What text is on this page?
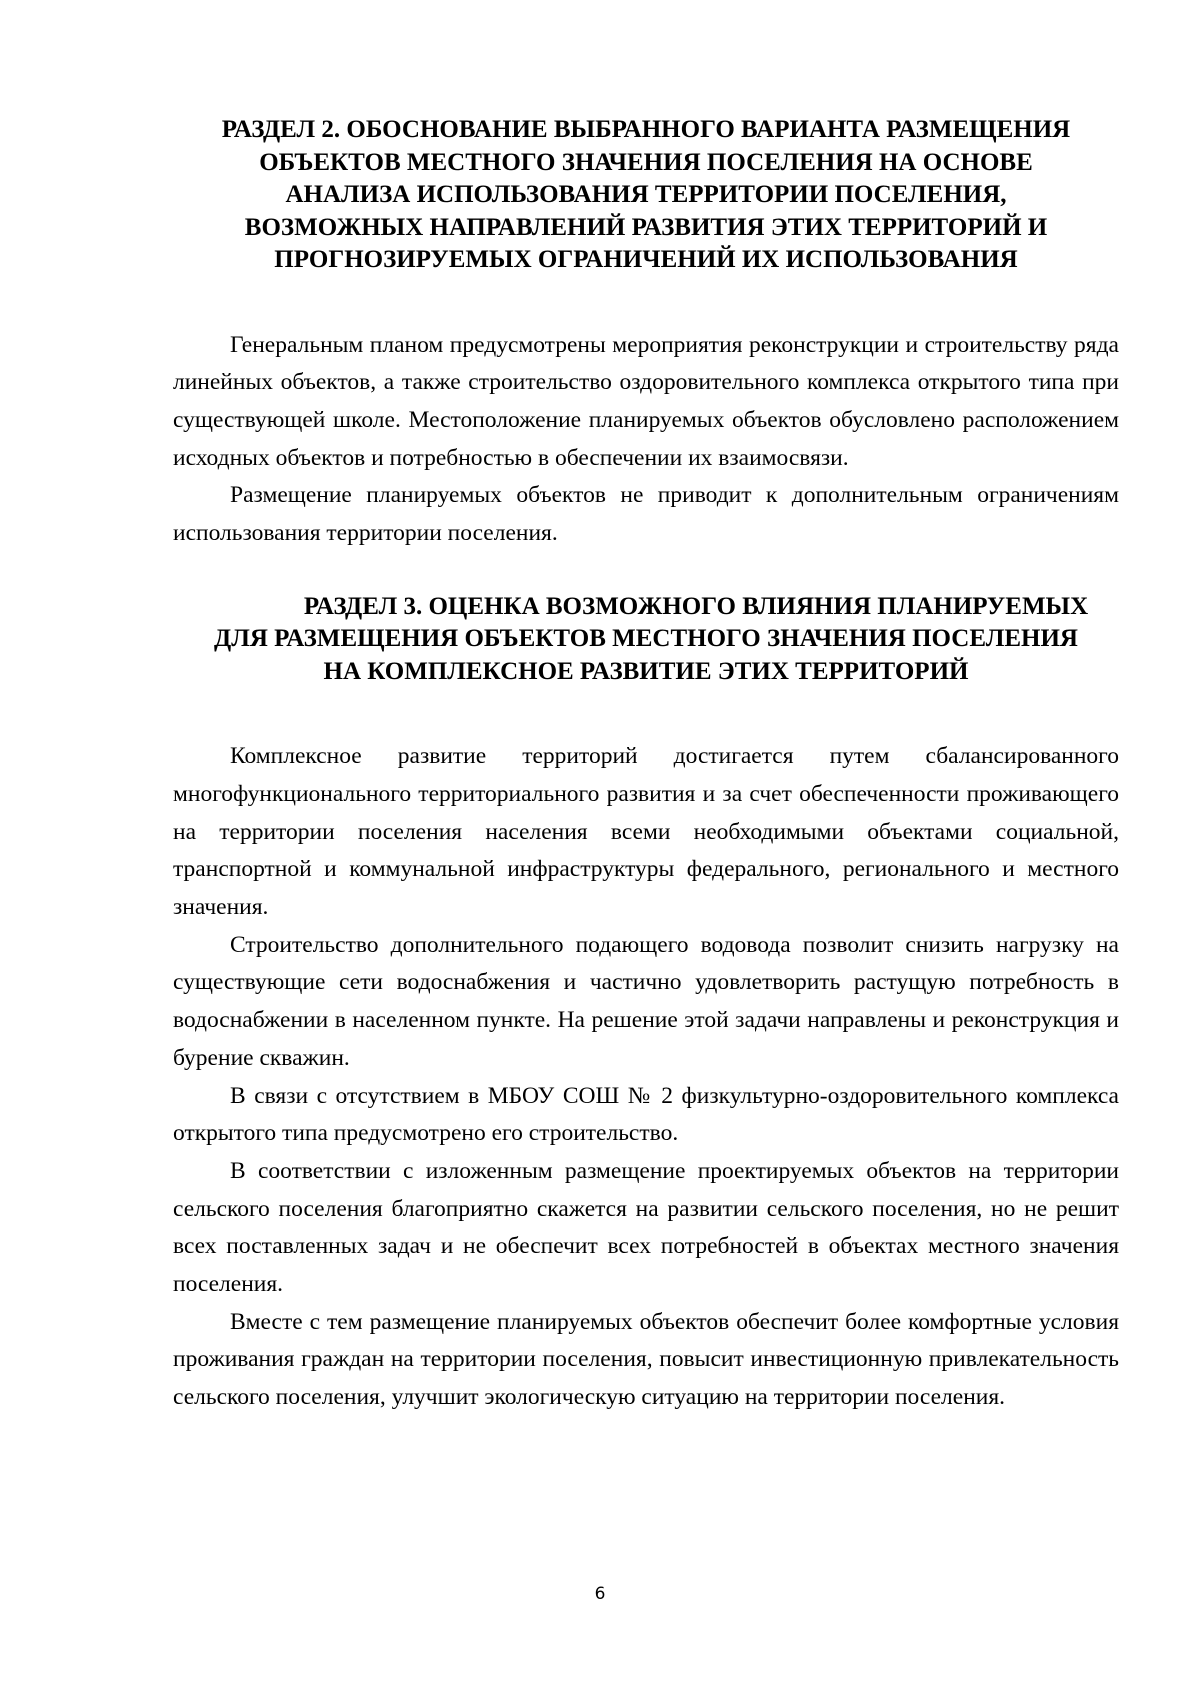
РАЗДЕЛ 2. ОБОСНОВАНИЕ ВЫБРАННОГО ВАРИАНТА РАЗМЕЩЕНИЯ
ОБЪЕКТОВ МЕСТНОГО ЗНАЧЕНИЯ ПОСЕЛЕНИЯ НА ОСНОВЕ
АНАЛИЗА ИСПОЛЬЗОВАНИЯ ТЕРРИТОРИИ ПОСЕЛЕНИЯ,
ВОЗМОЖНЫХ НАПРАВЛЕНИЙ РАЗВИТИЯ ЭТИХ ТЕРРИТОРИЙ И
ПРОГНОЗИРУЕМЫХ ОГРАНИЧЕНИЙ ИХ ИСПОЛЬЗОВАНИЯ

Генеральным планом предусмотрены мероприятия реконструкции и строительству ряда линейных объектов, а также строительство оздоровительного комплекса открытого типа при существующей школе. Местоположение планируемых объектов обусловлено расположением исходных объектов и потребностью в обеспечении их взаимосвязи.

Размещение планируемых объектов не приводит к дополнительным ограничениям использования территории поселения.

РАЗДЕЛ 3. ОЦЕНКА ВОЗМОЖНОГО ВЛИЯНИЯ ПЛАНИРУЕМЫХ
ДЛЯ РАЗМЕЩЕНИЯ ОБЪЕКТОВ МЕСТНОГО ЗНАЧЕНИЯ ПОСЕЛЕНИЯ
НА КОМПЛЕКСНОЕ РАЗВИТИЕ ЭТИХ ТЕРРИТОРИЙ

Комплексное развитие территорий достигается путем сбалансированного многофункционального территориального развития и за счет обеспеченности проживающего на территории поселения населения всеми необходимыми объектами социальной, транспортной и коммунальной инфраструктуры федерального, регионального и местного значения.

Строительство дополнительного подающего водовода позволит снизить нагрузку на существующие сети водоснабжения и частично удовлетворить растущую потребность в водоснабжении в населенном пункте. На решение этой задачи направлены и реконструкция и бурение скважин.

В связи с отсутствием в МБОУ СОШ № 2 физкультурно-оздоровительного комплекса открытого типа предусмотрено его строительство.

В соответствии с изложенным размещение проектируемых объектов на территории сельского поселения благоприятно скажется на развитии сельского поселения, но не решит всех поставленных задач и не обеспечит всех потребностей в объектах местного значения поселения.

Вместе с тем размещение планируемых объектов обеспечит более комфортные условия проживания граждан на территории поселения, повысит инвестиционную привлекательность сельского поселения, улучшит экологическую ситуацию на территории поселения.

6
